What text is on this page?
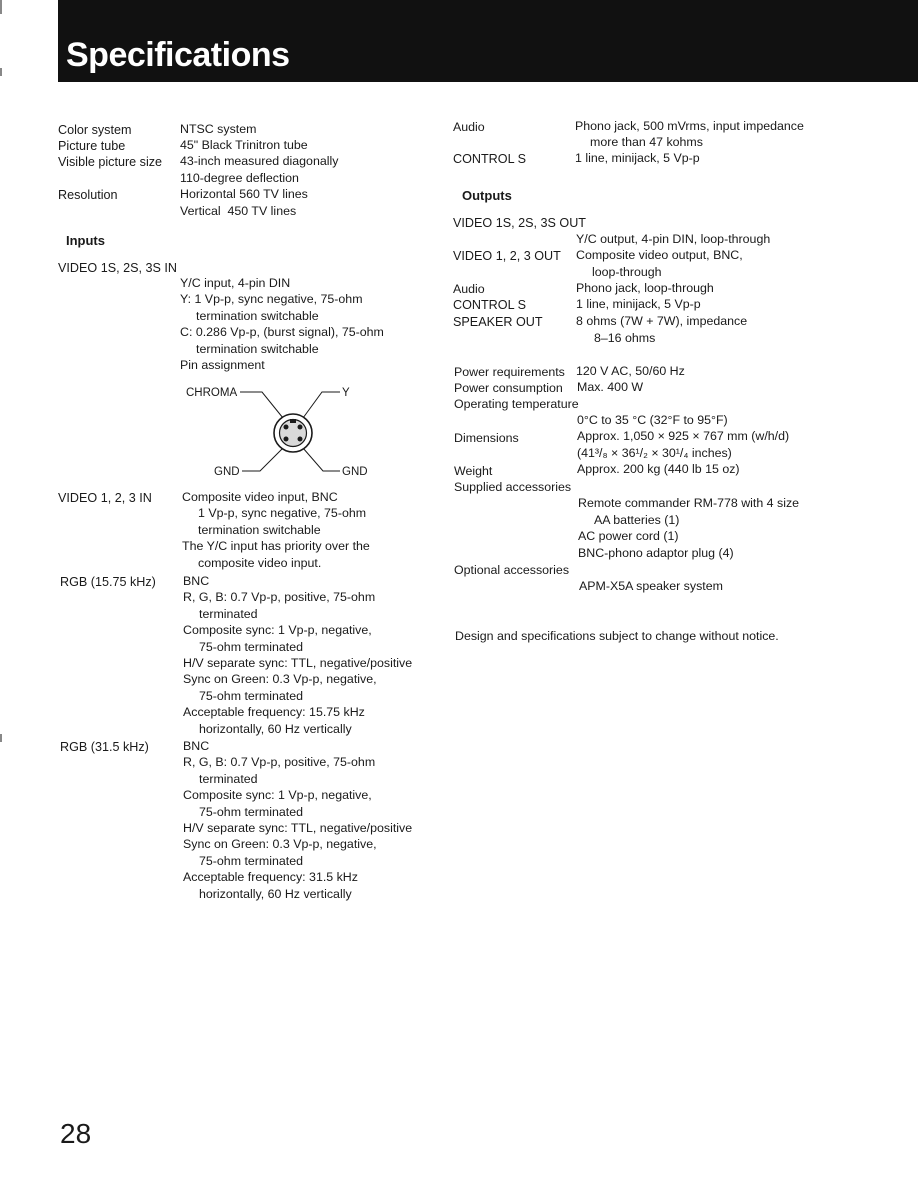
Specifications
Color system	NTSC system
Picture tube	45" Black Trinitron tube
Visible picture size 43-inch measured diagonally
110-degree deflection
Resolution	Horizontal 560 TV lines
Vertical  450 TV lines
Inputs
VIDEO 1S, 2S, 3S IN
Y/C input, 4-pin DIN
Y: 1 Vp-p, sync negative, 75-ohm
termination switchable
C: 0.286 Vp-p, (burst signal), 75-ohm
termination switchable
Pin assignment
CHROMA	Y
GND	GND
VIDEO 1, 2, 3 IN Composite video input, BNC
1 Vp-p, sync negative, 75-ohm
termination switchable
The Y/C input has priority over the
composite video input.
RGB (15.75 kHz) BNC
R, G, B: 0.7 Vp-p, positive, 75-ohm
terminated
Composite sync: 1 Vp-p, negative,
75-ohm terminated
H/V separate sync: TTL, negative/positive
Sync on Green: 0.3 Vp-p, negative,
75-ohm terminated
Acceptable frequency: 15.75 kHz
horizontally, 60 Hz vertically
RGB (31.5 kHz)	BNC
R, G, B: 0.7 Vp-p, positive, 75-ohm
terminated
Composite sync: 1 Vp-p, negative,
75-ohm terminated
H/V separate sync: TTL, negative/positive
Sync on Green: 0.3 Vp-p, negative,
75-ohm terminated
Acceptable frequency: 31.5 kHz
horizontally, 60 Hz vertically
Audio	Phono jack, 500 mVrms, input impedance
more than 47 kohms
CONTROL S	1 line, minijack, 5 Vp-p
Outputs
VIDEO 1S, 2S, 3S OUT
Y/C output, 4-pin DIN, loop-through
VIDEO 1, 2, 3 OUT Composite video output, BNC,
loop-through
Audio	Phono jack, loop-through
CONTROL S	1 line, minijack, 5 Vp-p
SPEAKER OUT	8 ohms (7W + 7W), impedance
8–16 ohms
Power requirements 120 V AC, 50/60 Hz
Power consumption Max. 400 W
Operating temperature
0°C to 35 °C (32°F to 95°F)
Dimensions	Approx. 1,050 × 925 × 767 mm (w/h/d)
(41³/₈ × 36¹/₂ × 30¹/₄ inches)
Weight	Approx. 200 kg (440 lb 15 oz)
Supplied accessories
Remote commander RM-778 with 4 size
AA batteries (1)
AC power cord (1)
BNC-phono adaptor plug (4)
Optional accessories
APM-X5A speaker system
Design and specifications subject to change without notice.
28
